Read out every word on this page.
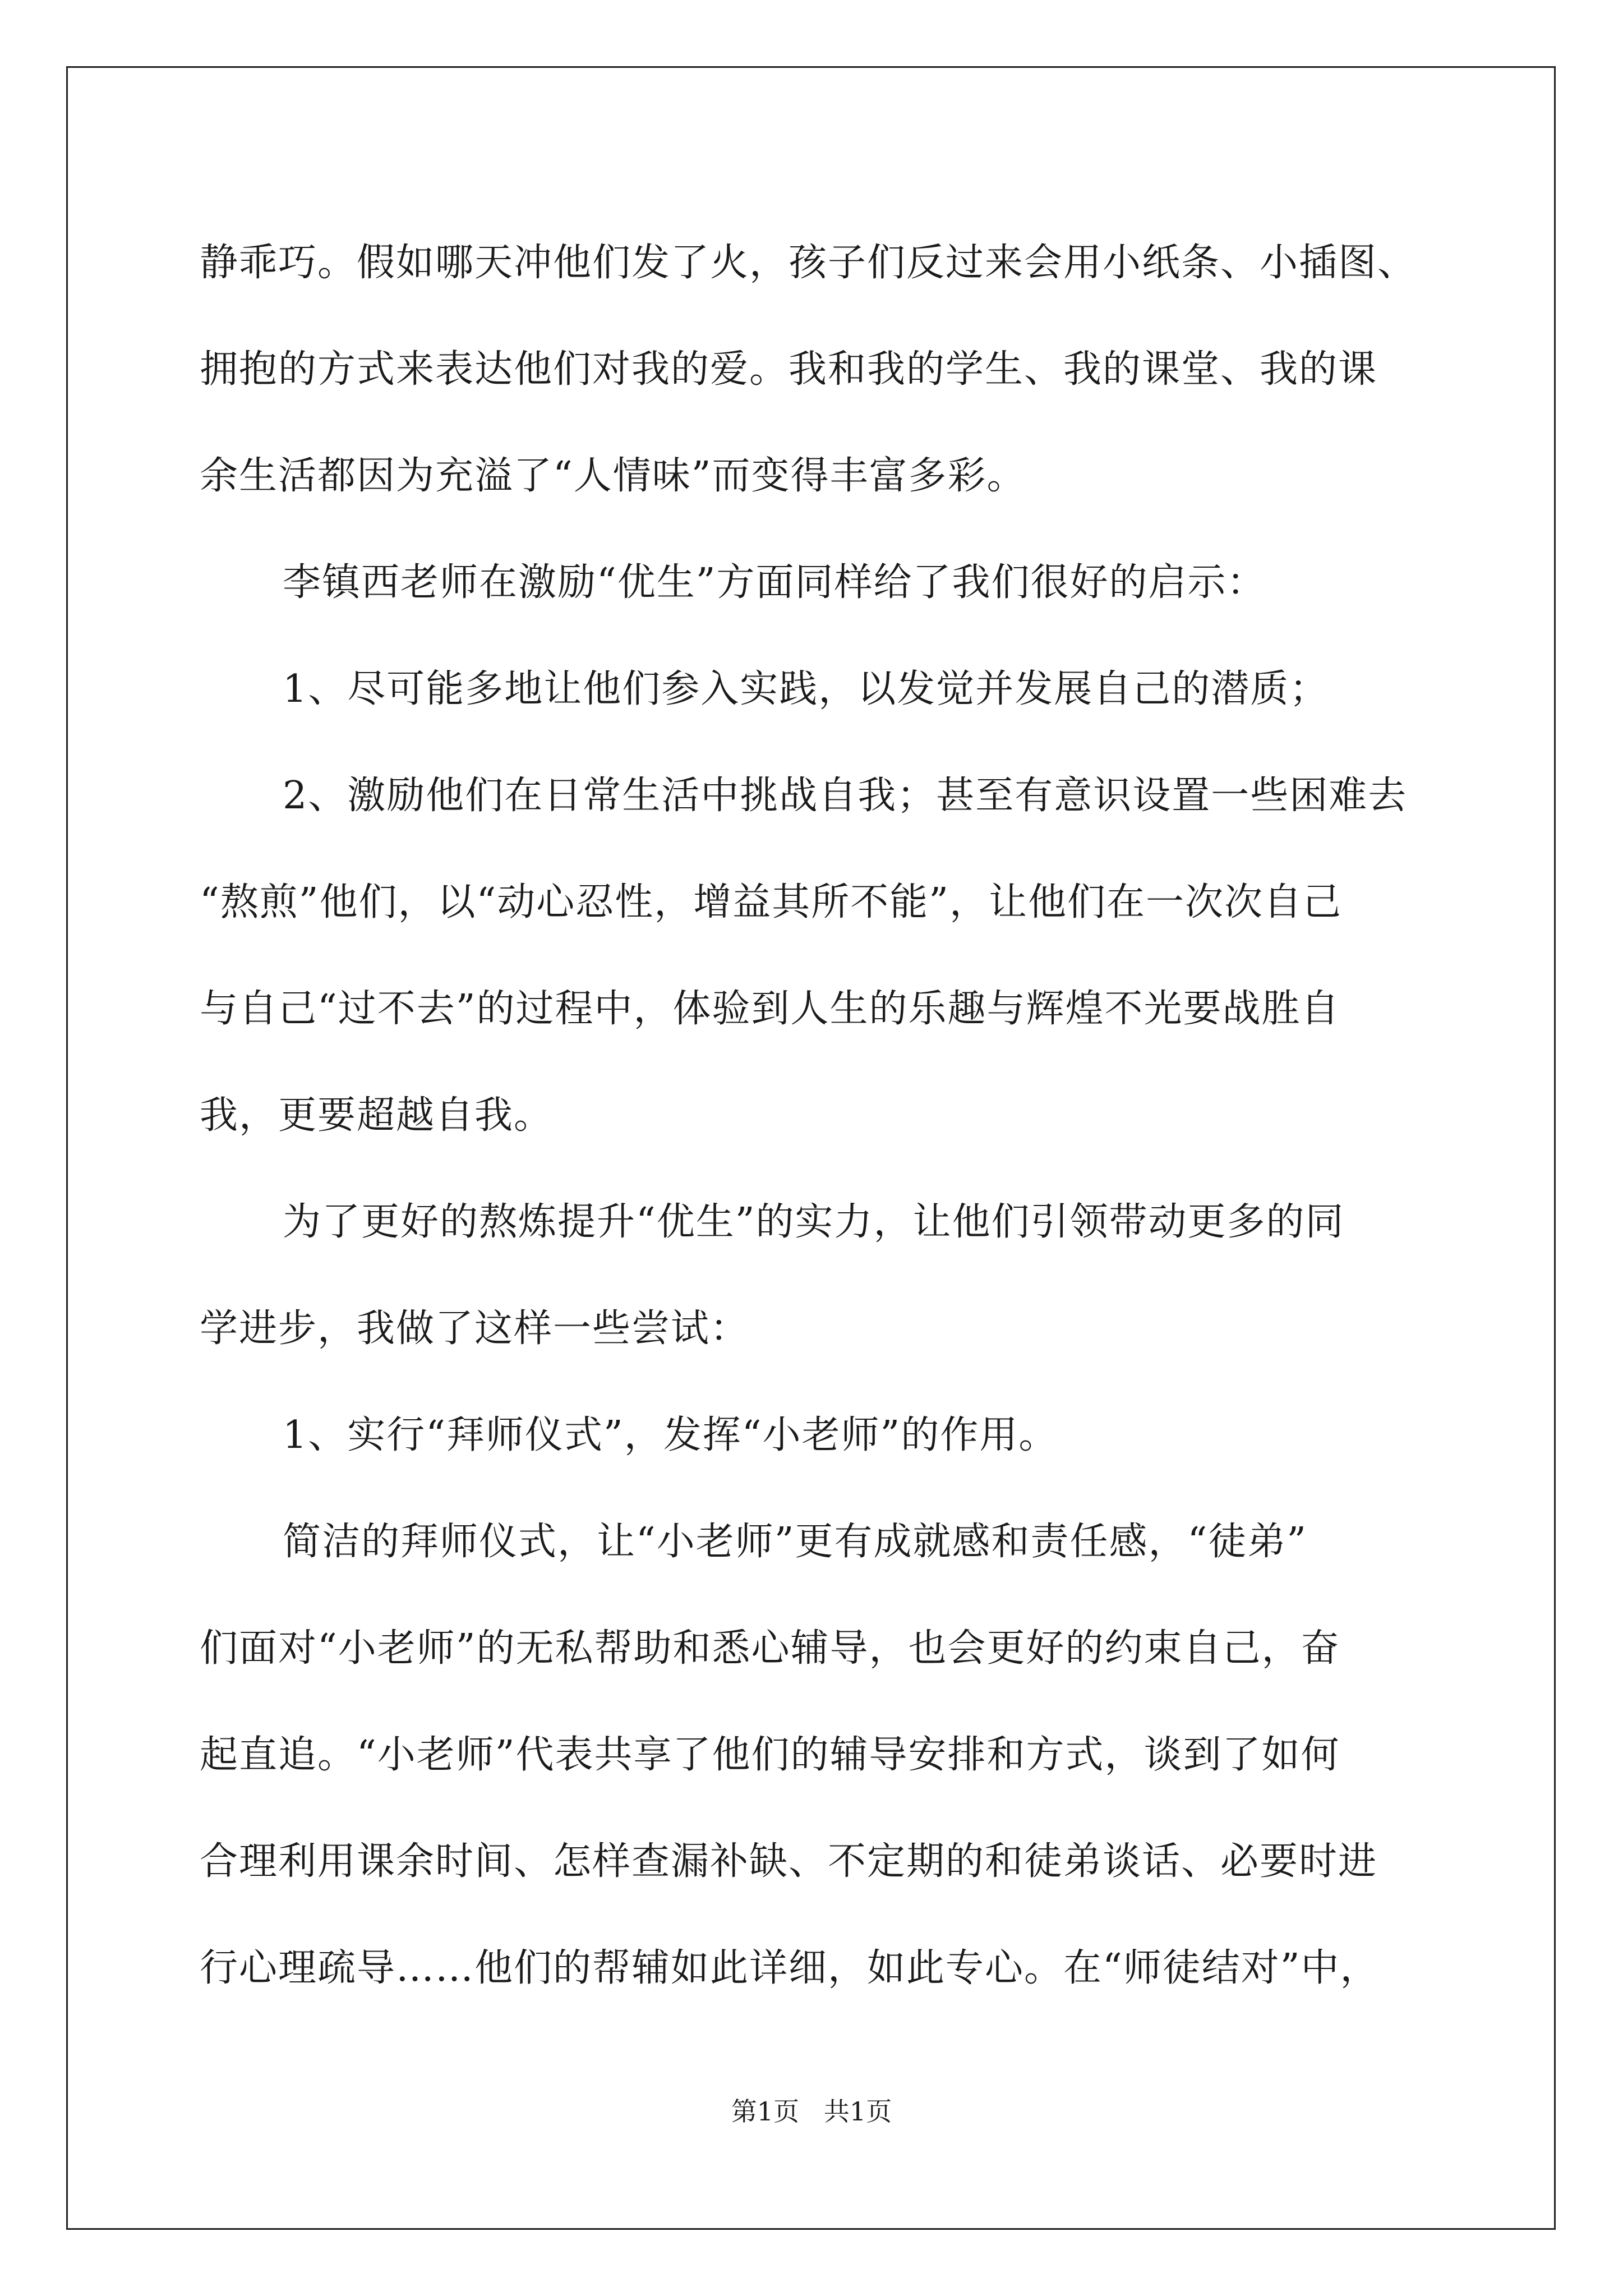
静乖巧。假如哪天冲他们发了火，孩子们反过来会用小纸条、小插图、
拥抱的方式来表达他们对我的爱。我和我的学生、我的课堂、我的课
余生活都因为充溢了“人情味”而变得丰富多彩。
李镇西老师在激励“优生”方面同样给了我们很好的启示：
1、尽可能多地让他们参入实践，以发觉并发展自己的潜质；
2、激励他们在日常生活中挑战自我；甚至有意识设置一些困难去
“熬煎”他们，以“动心忍性，增益其所不能”，让他们在一次次自己
与自己“过不去”的过程中，体验到人生的乐趣与辉煌不光要战胜自
我，更要超越自我。
为了更好的熬炼提升“优生”的实力，让他们引领带动更多的同
学进步，我做了这样一些尝试：
1、实行“拜师仪式”，发挥“小老师”的作用。
简洁的拜师仪式，让“小老师”更有成就感和责任感，“徒弟”
们面对“小老师”的无私帮助和悉心辅导，也会更好的约束自己，奋
起直追。“小老师”代表共享了他们的辅导安排和方式，谈到了如何
合理利用课余时间、怎样查漏补缺、不定期的和徒弟谈话、必要时进
行心理疏导……他们的帮辅如此详细，如此专心。在“师徒结对”中，
第1页   共1页
